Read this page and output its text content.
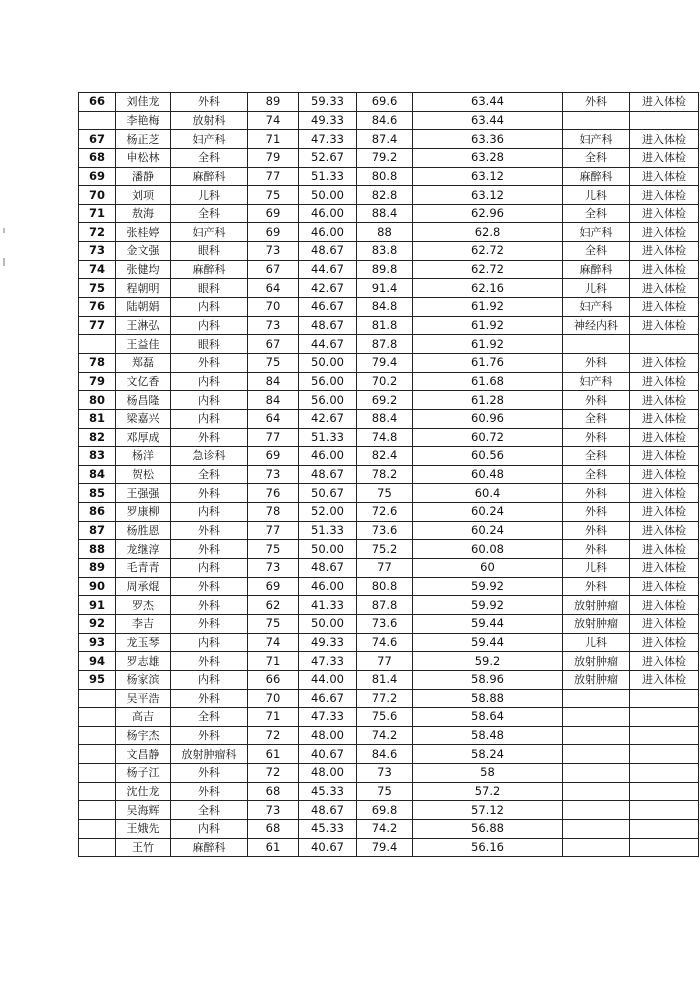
66	刘佳龙	外科	89	59.33	69.6	63.44	外科	进入体检
	李艳梅	放射科	74	49.33	84.6	63.44		
67	杨正芝	妇产科	71	47.33	87.4	63.36	妇产科	进入体检
68	申松林	全科	79	52.67	79.2	63.28	全科	进入体检
69	潘静	麻醉科	77	51.33	80.8	63.12	麻醉科	进入体检
70	刘项	儿科	75	50.00	82.8	63.12	儿科	进入体检
71	敖海	全科	69	46.00	88.4	62.96	全科	进入体检
72	张桂婷	妇产科	69	46.00	88	62.8	妇产科	进入体检
73	金文强	眼科	73	48.67	83.8	62.72	全科	进入体检
74	张健均	麻醉科	67	44.67	89.8	62.72	麻醉科	进入体检
75	程朝明	眼科	64	42.67	91.4	62.16	儿科	进入体检
76	陆朝娟	内科	70	46.67	84.8	61.92	妇产科	进入体检
77	王淋弘	内科	73	48.67	81.8	61.92	神经内科	进入体检
	王益佳	眼科	67	44.67	87.8	61.92		
78	郑磊	外科	75	50.00	79.4	61.76	外科	进入体检
79	文亿香	内科	84	56.00	70.2	61.68	妇产科	进入体检
80	杨昌隆	内科	84	56.00	69.2	61.28	外科	进入体检
81	梁嘉兴	内科	64	42.67	88.4	60.96	全科	进入体检
82	邓厚成	外科	77	51.33	74.8	60.72	外科	进入体检
83	杨洋	急诊科	69	46.00	82.4	60.56	全科	进入体检
84	贺松	全科	73	48.67	78.2	60.48	全科	进入体检
85	王强强	外科	76	50.67	75	60.4	外科	进入体检
86	罗康柳	内科	78	52.00	72.6	60.24	外科	进入体检
87	杨胜恩	外科	77	51.33	73.6	60.24	外科	进入体检
88	龙继淳	外科	75	50.00	75.2	60.08	外科	进入体检
89	毛青青	内科	73	48.67	77	60	儿科	进入体检
90	周承焜	外科	69	46.00	80.8	59.92	外科	进入体检
91	罗杰	外科	62	41.33	87.8	59.92	放射肿瘤	进入体检
92	李吉	外科	75	50.00	73.6	59.44	放射肿瘤	进入体检
93	龙玉琴	内科	74	49.33	74.6	59.44	儿科	进入体检
94	罗志雄	外科	71	47.33	77	59.2	放射肿瘤	进入体检
95	杨家滨	内科	66	44.00	81.4	58.96	放射肿瘤	进入体检
	吴平浩	外科	70	46.67	77.2	58.88		
	高吉	全科	71	47.33	75.6	58.64		
	杨宇杰	外科	72	48.00	74.2	58.48		
	文昌静	放射肿瘤科	61	40.67	84.6	58.24		
	杨子江	外科	72	48.00	73	58		
	沈仕龙	外科	68	45.33	75	57.2		
	吴海辉	全科	73	48.67	69.8	57.12		
	王娥先	内科	68	45.33	74.2	56.88		
	王竹	麻醉科	61	40.67	79.4	56.16		
